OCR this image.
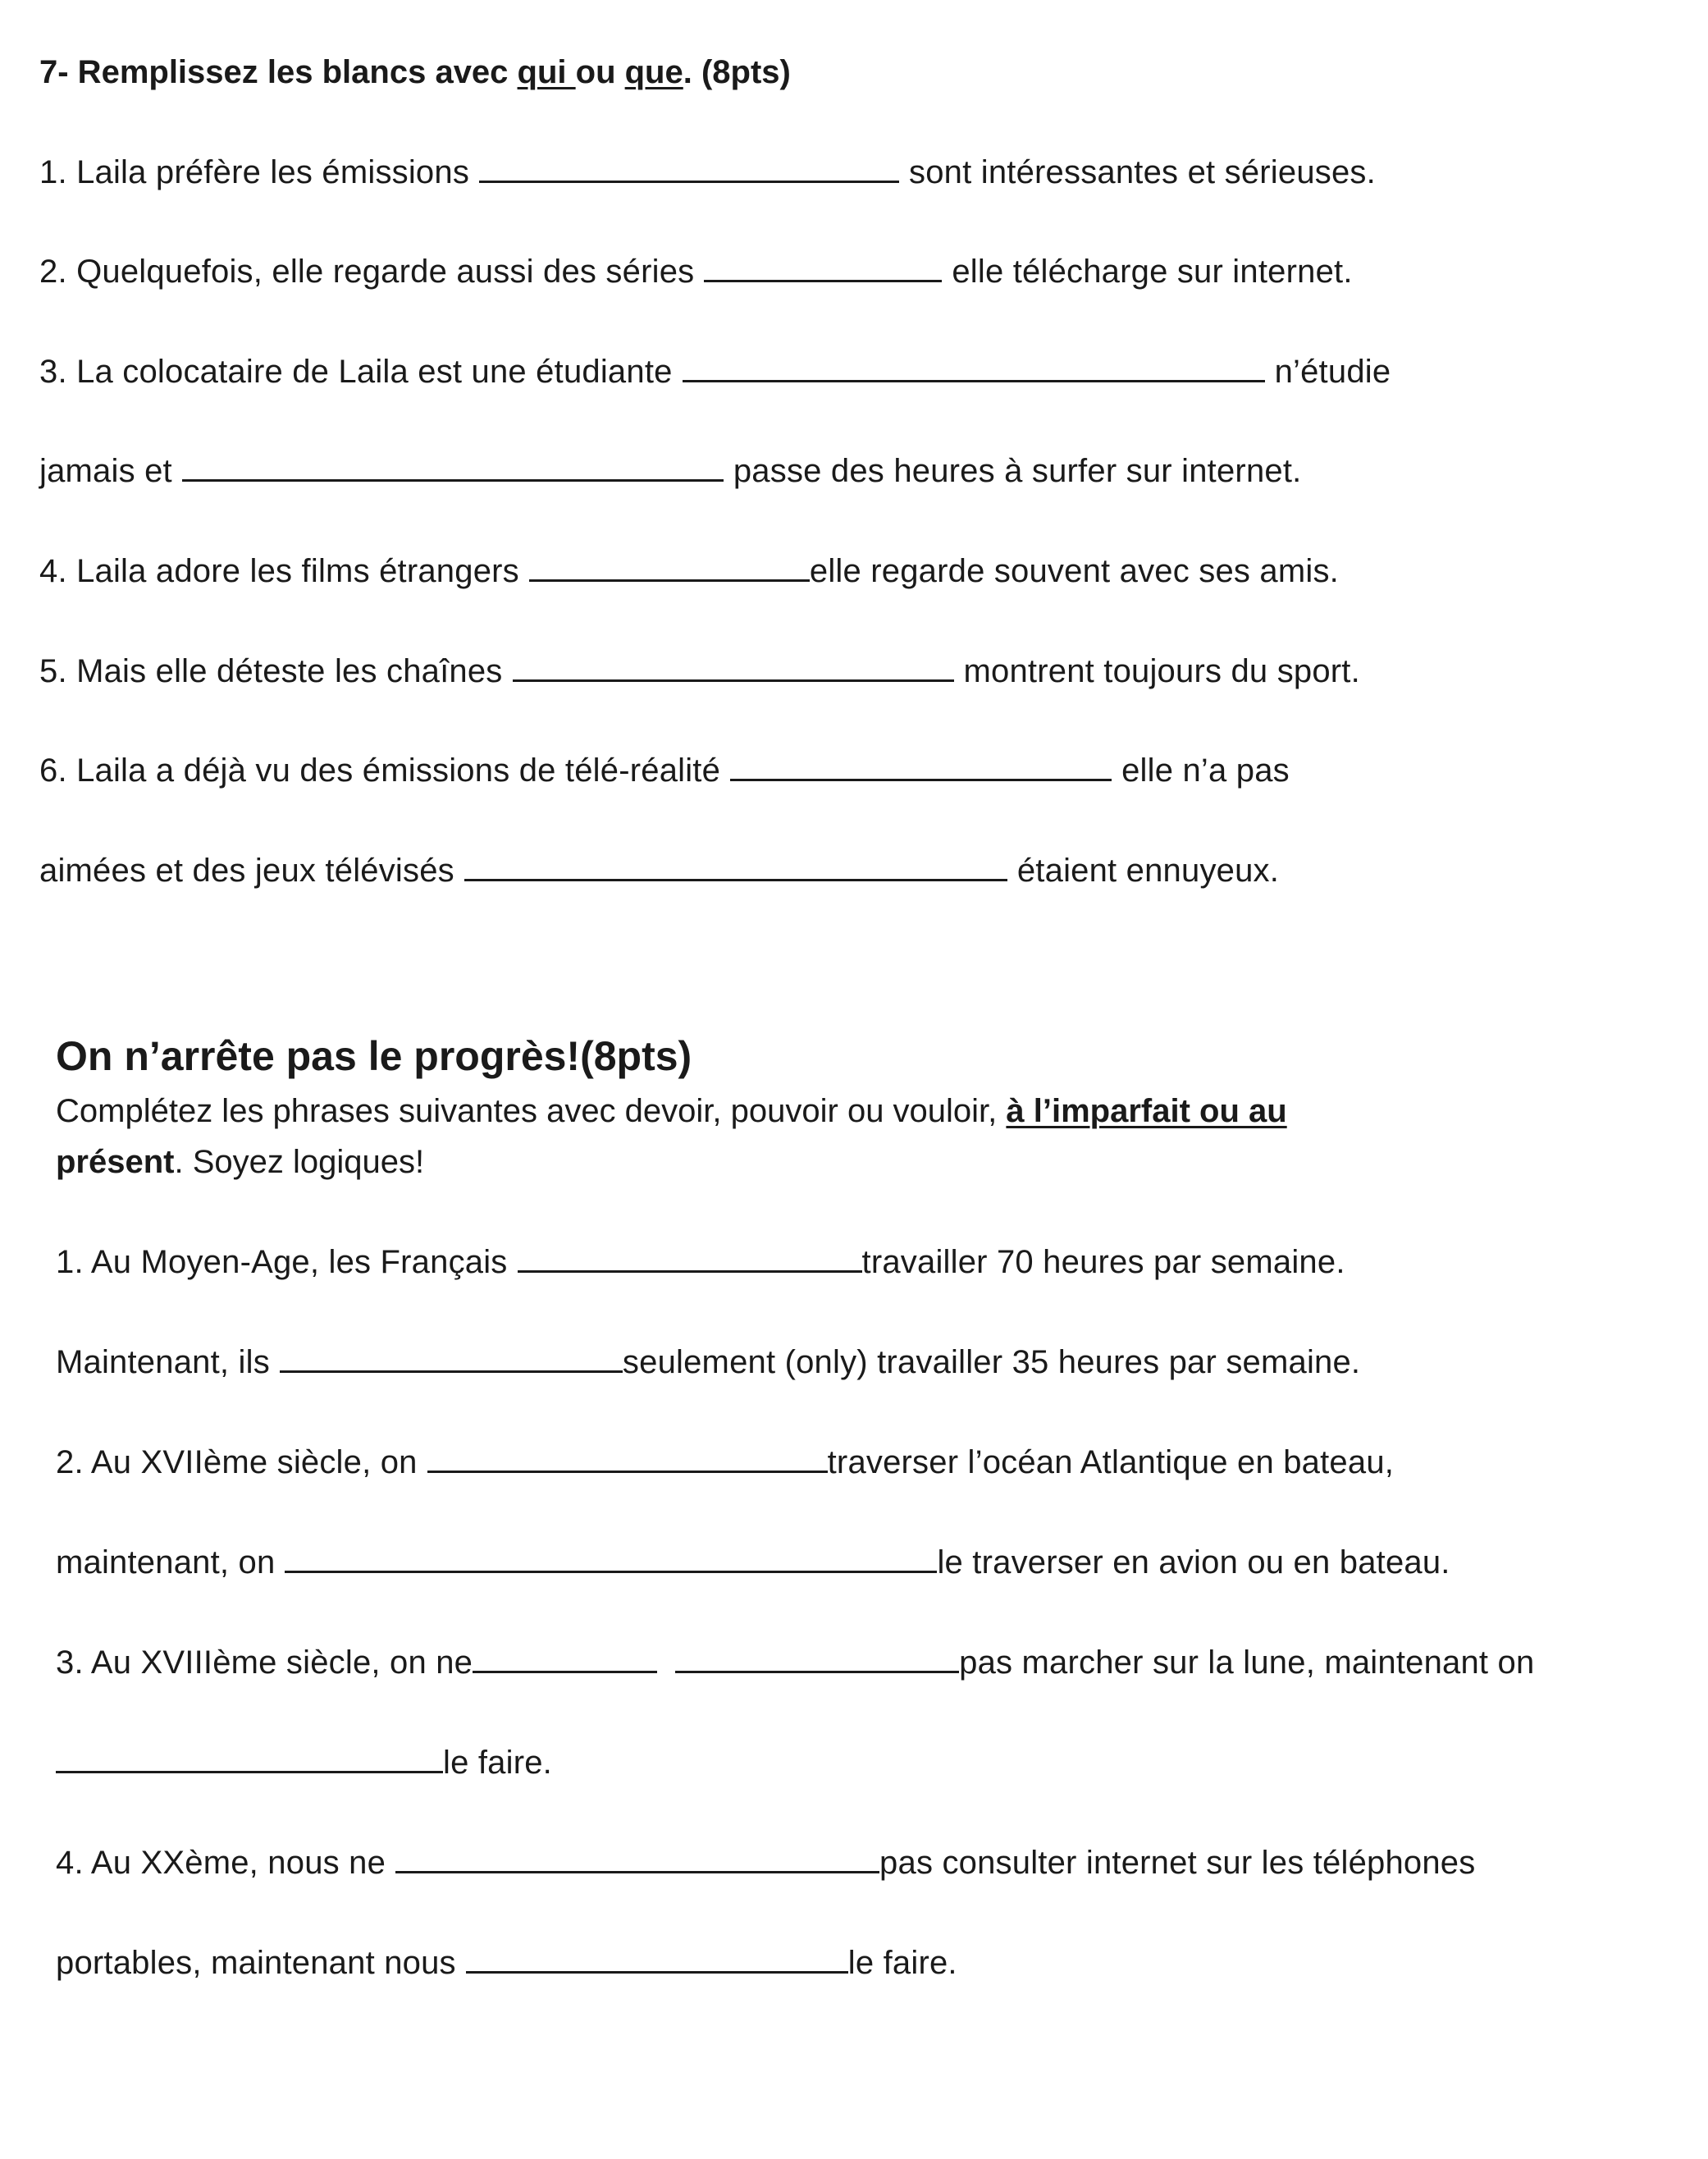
7- Remplissez les blancs avec qui ou que. (8pts)
1. Laila préfère les émissions	sont intéressantes et sérieuses.
2. Quelquefois, elle regarde aussi des séries	elle télécharge sur internet.
3. La colocataire de Laila est une étudiante	n’étudie
jamais et	passe des heures à surfer sur internet.
4. Laila adore les films étrangers	elle regarde souvent avec ses amis.
5. Mais elle déteste les chaînes	montrent toujours du sport.
6. Laila a déjà vu des émissions de télé-réalité	elle n’a pas
aimées et des jeux télévisés	étaient ennuyeux.
On n’arrête pas le progrès!(8pts)
Complétez les phrases suivantes avec devoir, pouvoir ou vouloir, à l’imparfait ou au
présent. Soyez logiques!
1. Au Moyen-Age, les Français	travailler 70 heures par semaine.
Maintenant, ils	seulement (only) travailler 35 heures par semaine.
2. Au XVIIème siècle, on	traverser l’océan Atlantique en bateau,
maintenant, on	le traverser en avion ou en bateau.
3. Au XVIIIème siècle, on ne	pas marcher sur la lune, maintenant on
le faire.
4. Au XXème, nous ne	pas consulter internet sur les téléphones
portables, maintenant nous	le faire.
